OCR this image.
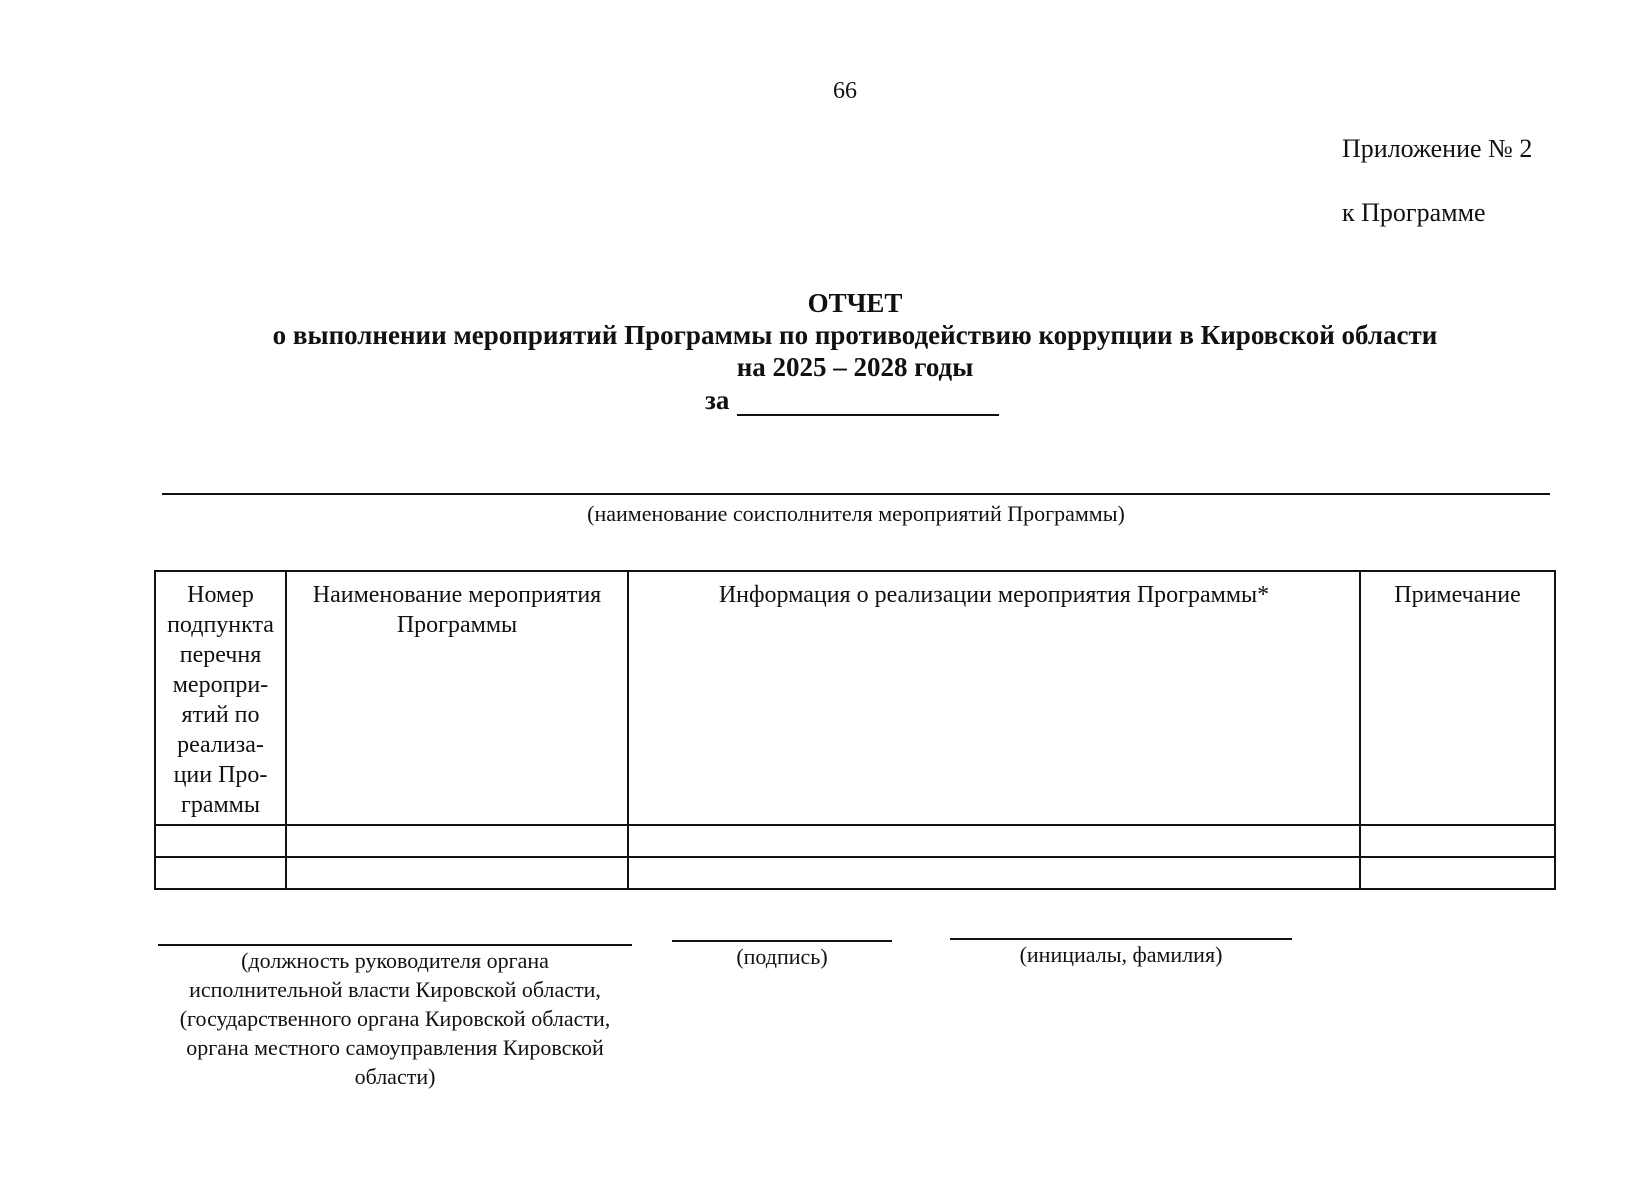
66
Приложение № 2
к Программе
ОТЧЕТ
о выполнении мероприятий Программы по противодействию коррупции в Кировской области
на 2025 – 2028 годы
за
(наименование соисполнителя мероприятий Программы)
Номер подпункта перечня меропри-ятий по реализа-ции Про-граммы	Наименование мероприятия Программы	Информация о реализации мероприятия Программы*	Примечание

(должность руководителя органа исполнительной власти Кировской области, (государственного органа Кировской области, органа местного самоуправления Кировской области)
(подпись)	(инициалы, фамилия)
